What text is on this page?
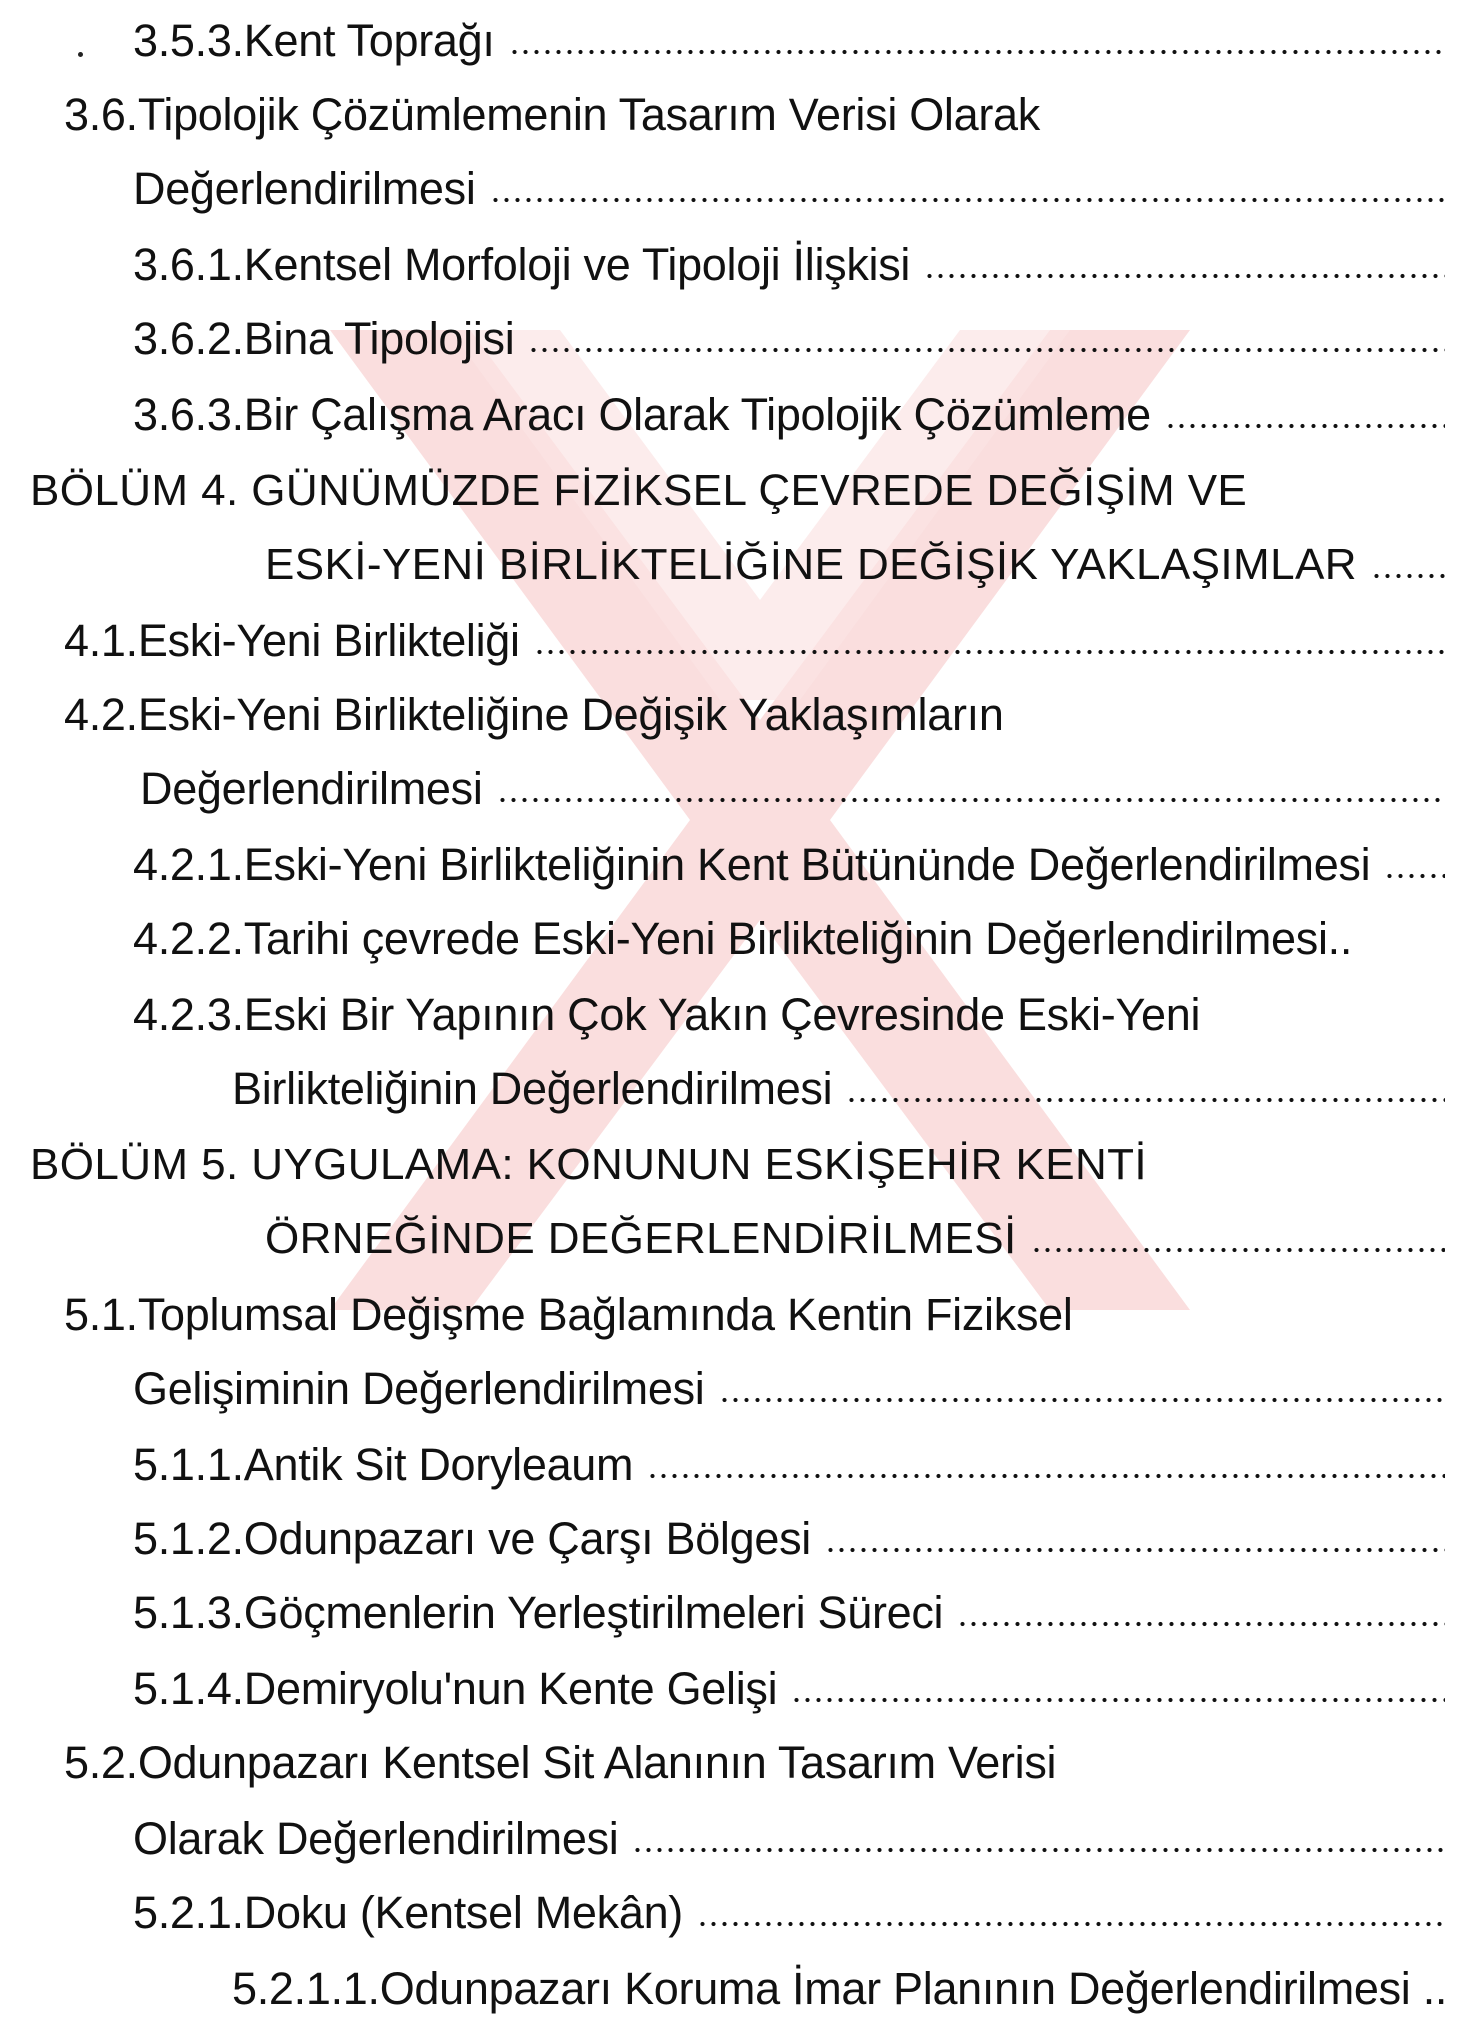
3.5.3.Kent Toprağı
3.6.Tipolojik Çözümlemenin Tasarım Verisi Olarak
Değerlendirilmesi
3.6.1.Kentsel Morfoloji ve Tipoloji İlişkisi
3.6.2.Bina Tipolojisi
3.6.3.Bir Çalışma Aracı Olarak Tipolojik Çözümleme
BÖLÜM 4. GÜNÜMÜZDE FİZİKSEL ÇEVREDE DEĞİŞİM VE
ESKİ-YENİ BİRLİKTELİĞİNE DEĞİŞİK YAKLAŞIMLAR
4.1.Eski-Yeni Birlikteliği
4.2.Eski-Yeni Birlikteliğine Değişik Yaklaşımların
Değerlendirilmesi
4.2.1.Eski-Yeni Birlikteliğinin Kent Bütününde Değerlendirilmesi
4.2.2.Tarihi çevrede Eski-Yeni Birlikteliğinin Değerlendirilmesi..
4.2.3.Eski Bir Yapının Çok Yakın Çevresinde Eski-Yeni
Birlikteliğinin Değerlendirilmesi
BÖLÜM 5. UYGULAMA: KONUNUN ESKİŞEHİR KENTİ
ÖRNEĞİNDE DEĞERLENDİRİLMESİ
5.1.Toplumsal Değişme Bağlamında Kentin Fiziksel
Gelişiminin Değerlendirilmesi
5.1.1.Antik Sit Doryleaum
5.1.2.Odunpazarı ve Çarşı Bölgesi
5.1.3.Göçmenlerin Yerleştirilmeleri Süreci
5.1.4.Demiryolu'nun Kente Gelişi
5.2.Odunpazarı Kentsel Sit Alanının Tasarım Verisi
Olarak Değerlendirilmesi
5.2.1.Doku (Kentsel Mekân)
5.2.1.1.Odunpazarı Koruma İmar Planının Değerlendirilmesi ..
